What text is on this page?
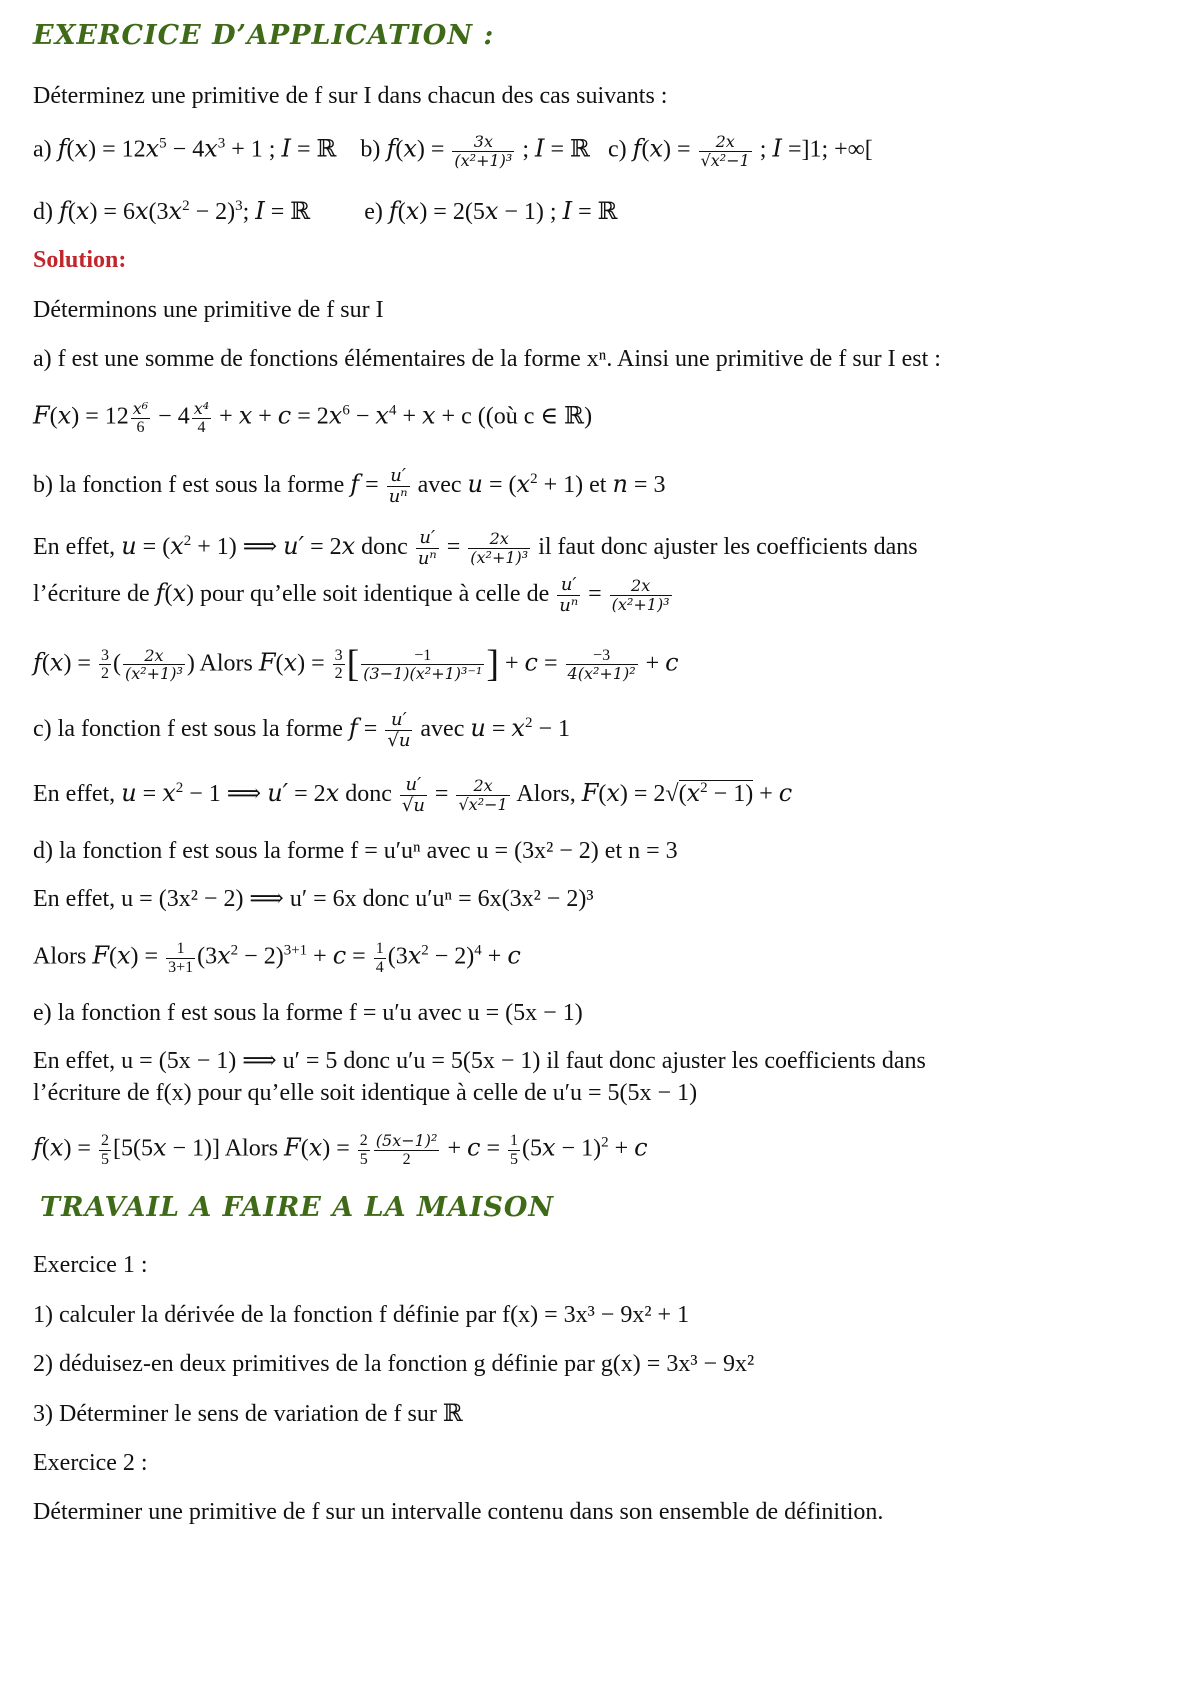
EXERCICE D’APPLICATION :
Déterminez une primitive de f sur I dans chacun des cas suivants :
a) $f(x) = 12x^5 - 4x^3 + 1$ ; I = ℝ    b) $f(x) = \frac{3x}{\text{(x²+1)³}}$ ; I = ℝ   c) $f(x) = \frac{2x}{\text{√x²−1}}$ ; I =]1; +∞[
d) $f(x) = 6x(3x^2 - 2)^3$; I = ℝ         e) f(x) = 2(5x − 1) ; I = ℝ
Solution:
Déterminons une primitive de f sur I
a) f est une somme de fonctions élémentaires de la forme xⁿ. Ainsi une primitive de f sur I est :
$F(x) = 12 \frac{\text{x⁶}}{6} - 4 \frac{\text{x⁴}}{4} + x + c = 2x^6 - x^4 + x + c$ ((où c ∈ ℝ)
b) la fonction f est sous la forme $f = \frac{u'}{\text{uⁿ}}$ avec $u = (x^2 + 1)$ et n = 3
En effet, $u = (x^2 + 1)$ ⟹ u′ = 2x donc $\frac{u'}{\text{uⁿ}} = \frac{2x}{\text{(x²+1)³}}$ il faut donc ajuster les coefficients dans
l’écriture de f(x) pour qu’elle soit identique à celle de $\frac{u'}{\text{uⁿ}} = \frac{2x}{\text{(x²+1)³}}$
$f(x) = \frac{3}{2}$ ( $\frac{2x}{\text{(x²+1)³}}$ ) Alors $F(x) = \frac{3}{2}$ [ $\frac{-1}{\text{(3−1)(x²+1)³⁻¹}}$ ] + $c = \frac{-3}{\text{4(x²+1)²}} + c$
c) la fonction f est sous la forme $f = \frac{u'}{√u}$ avec $u = x^2 - 1$
En effet, $u = x^2 - 1$ ⟹ u′ = 2x donc $\frac{u'}{√u} = \frac{2x}{\text{√x²−1}}$ Alors, $F(x) = 2√(x^2 - 1) + c$
d) la fonction f est sous la forme f = u′uⁿ avec u = (3x² − 2) et n = 3
En effet, u = (3x² − 2) ⟹ u′ = 6x donc u′uⁿ = 6x(3x² − 2)³
Alors $F(x) = \frac{1}{3+1} (3x^2 - 2)^{3+1} + c = \frac{1}{4} (3x^2 - 2)^4 + c$
e) la fonction f est sous la forme f = u′u avec u = (5x − 1)
En effet, u = (5x − 1) ⟹ u′ = 5 donc u′u = 5(5x − 1) il faut donc ajuster les coefficients dans
l’écriture de f(x) pour qu’elle soit identique à celle de u′u = 5(5x − 1)
$f(x) = \frac{2}{5} [5(5x - 1)]$ Alors $F(x) = \frac{2}{5} \frac{\text{(5x−1)²}}{2} + c = \frac{1}{5} (5x - 1)^2 + c$
TRAVAIL A FAIRE A LA MAISON
Exercice 1 :
1) calculer la dérivée de la fonction f définie par f(x) = 3x³ − 9x² + 1
2) déduisez-en deux primitives de la fonction g définie par g(x) = 3x³ − 9x²
3) Déterminer le sens de variation de f sur ℝ
Exercice 2 :
Déterminer une primitive de f sur un intervalle contenu dans son ensemble de définition.
